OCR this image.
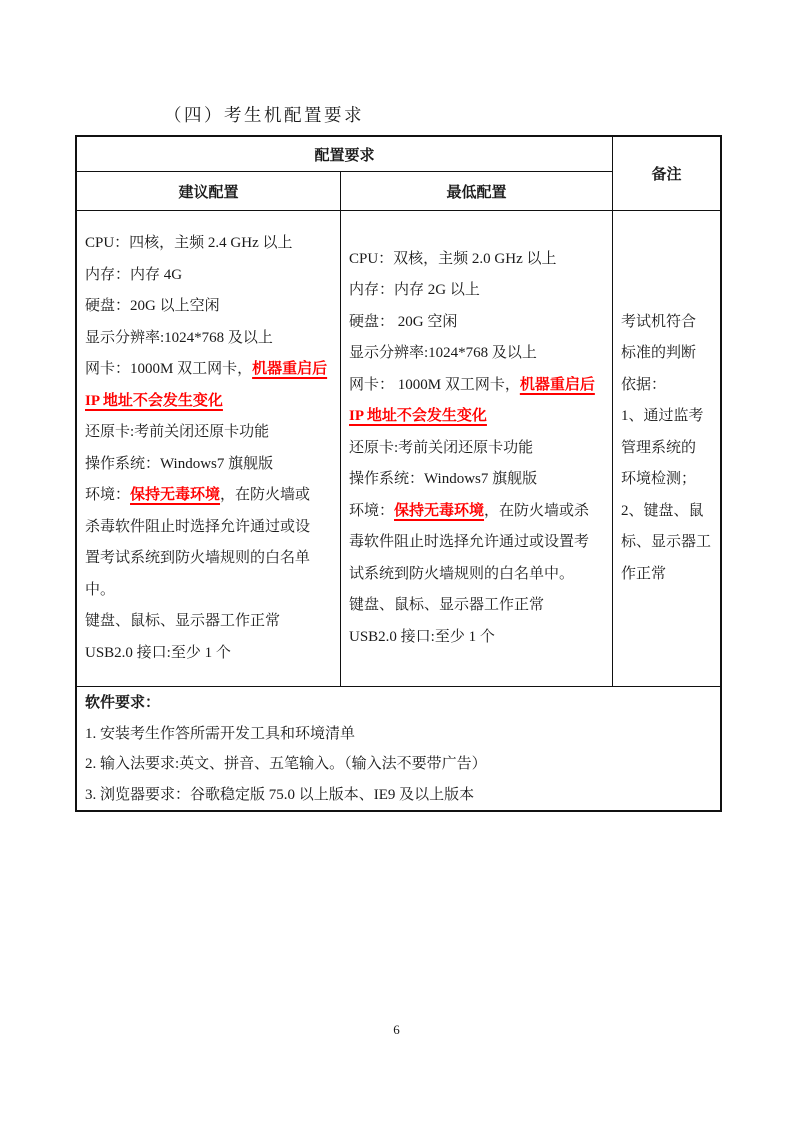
（四）考生机配置要求
配置要求
建议配置	最低配置
备注
CPU：四核，主频 2.4 GHz 以上
内存：内存 4G
硬盘：20G 以上空闲
显示分辨率:1024*768 及以上
网卡：1000M 双工网卡，机器重启后
IP 地址不会发生变化
还原卡:考前关闭还原卡功能
操作系统：Windows7 旗舰版
环境：保持无毒环境，在防火墙或
杀毒软件阻止时选择允许通过或设
置考试系统到防火墙规则的白名单
中。
键盘、鼠标、显示器工作正常
USB2.0 接口:至少 1 个
CPU：双核，主频 2.0 GHz 以上
内存：内存 2G 以上
硬盘： 20G 空闲
显示分辨率:1024*768 及以上
网卡： 1000M 双工网卡，机器重启后
IP 地址不会发生变化
还原卡:考前关闭还原卡功能
操作系统：Windows7 旗舰版
环境：保持无毒环境，在防火墙或杀
毒软件阻止时选择允许通过或设置考
试系统到防火墙规则的白名单中。
键盘、鼠标、显示器工作正常
USB2.0 接口:至少 1 个
考试机符合
标准的判断
依据：
1、通过监考
管理系统的
环境检测；
2、键盘、鼠
标、显示器工
作正常
软件要求：
1. 安装考生作答所需开发工具和环境清单
2. 输入法要求:英文、拼音、五笔输入。（输入法不要带广告）
3. 浏览器要求：谷歌稳定版 75.0 以上版本、IE9 及以上版本
6
